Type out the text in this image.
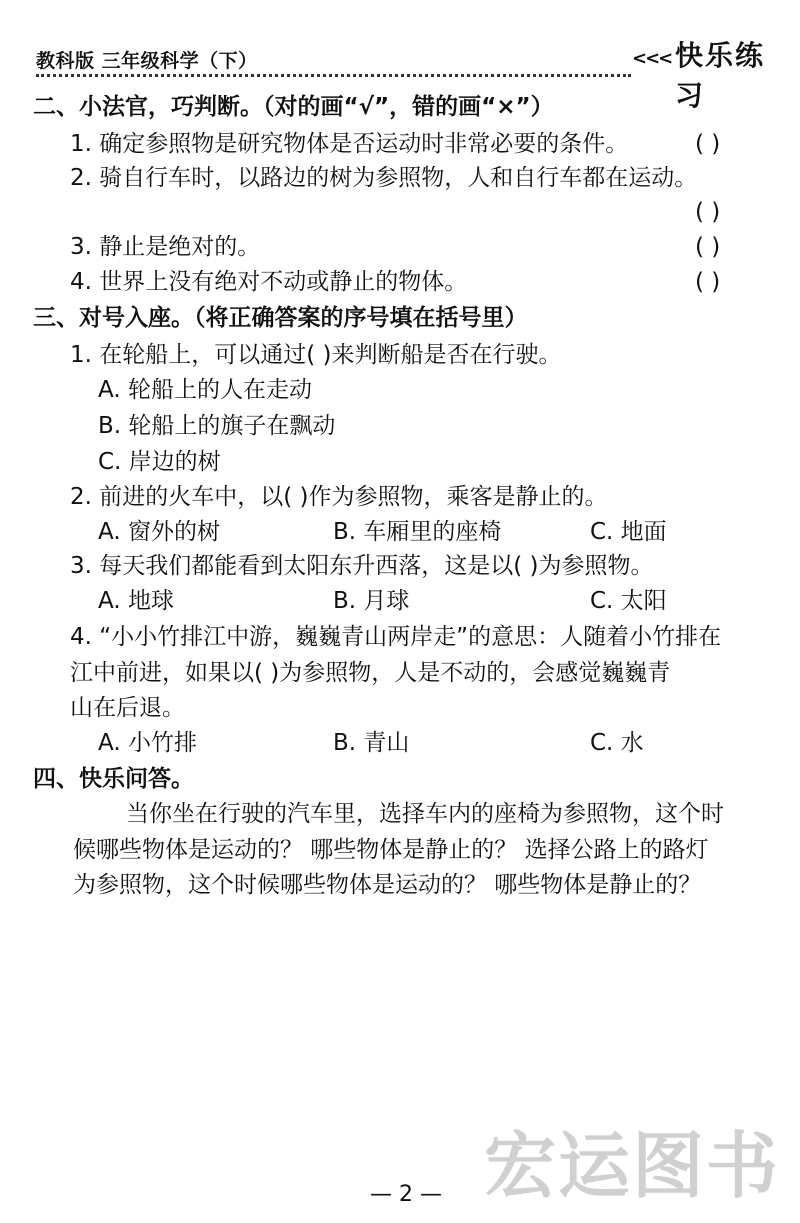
教科版 三年级科学（下）	<<< 快乐练习
二、小法官，巧判断。（对的画“√”，错的画“×”）
1. 确定参照物是研究物体是否运动时非常必要的条件。	( )
2. 骑自行车时，以路边的树为参照物，人和自行车都在运动。
( )
3. 静止是绝对的。	( )
4. 世界上没有绝对不动或静止的物体。	( )
三、对号入座。（将正确答案的序号填在括号里）
1. 在轮船上，可以通过( )来判断船是否在行驶。
A. 轮船上的人在走动
B. 轮船上的旗子在飘动
C. 岸边的树
2. 前进的火车中，以( )作为参照物，乘客是静止的。
A. 窗外的树	B. 车厢里的座椅	C. 地面
3. 每天我们都能看到太阳东升西落，这是以( )为参照物。
A. 地球	B. 月球	C. 太阳
4. “小小竹排江中游，巍巍青山两岸走”的意思：人随着小竹排在
江中前进，如果以( )为参照物，人是不动的，会感觉巍巍青
山在后退。
A. 小竹排	B. 青山	C. 水
四、快乐问答。
当你坐在行驶的汽车里，选择车内的座椅为参照物，这个时
候哪些物体是运动的？ 哪些物体是静止的？ 选择公路上的路灯
为参照物，这个时候哪些物体是运动的？ 哪些物体是静止的？
宏运图书
— 2 —
